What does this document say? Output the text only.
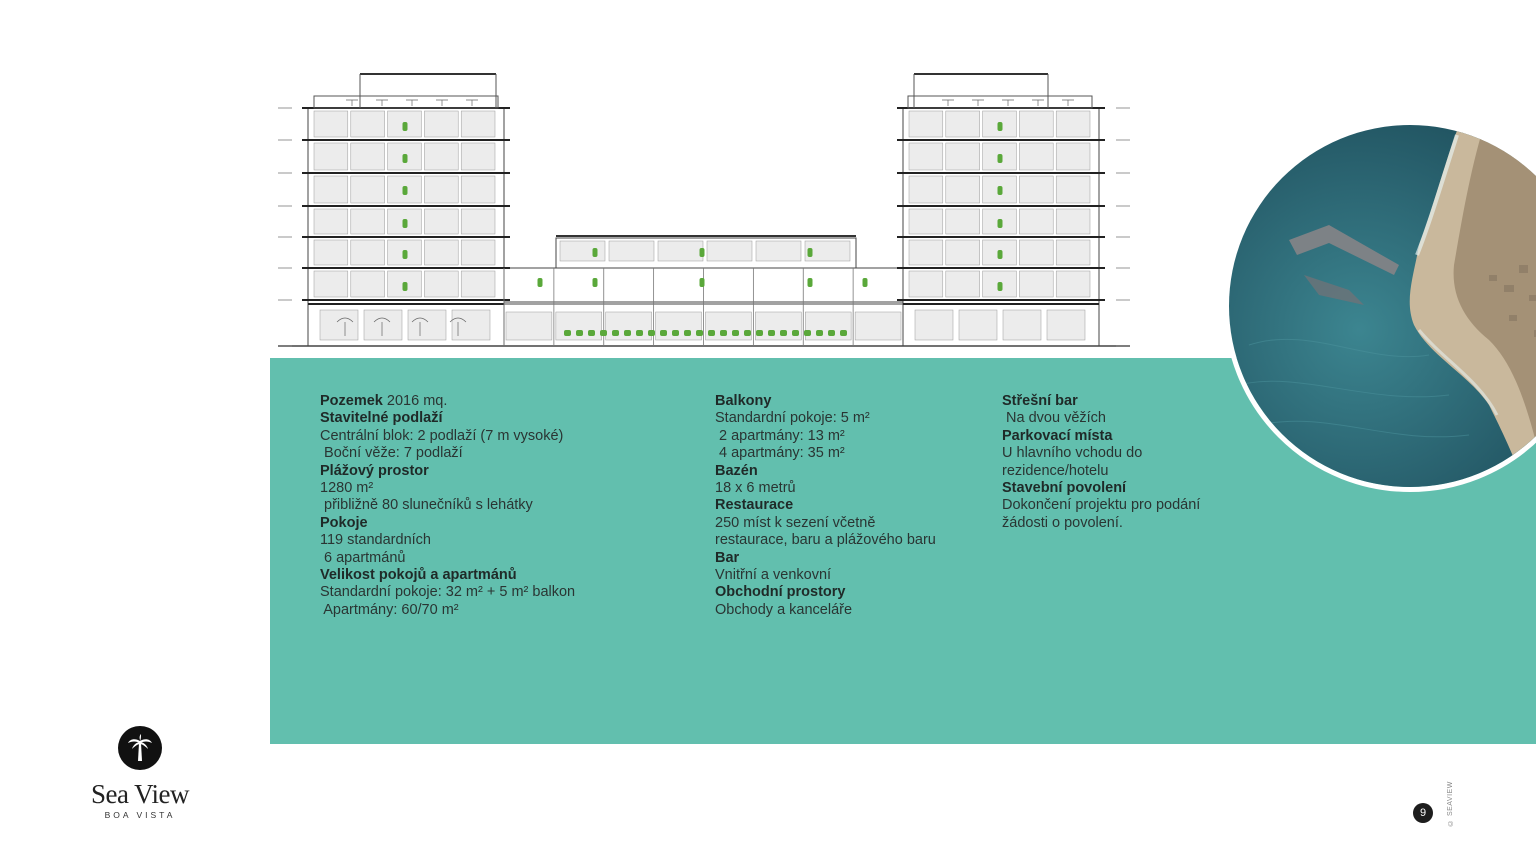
Pozemek 2016 mq.
Stavitelné podlaží
Centrální blok: 2 podlaží (7 m vysoké)
Boční věže: 7 podlaží
Plážový prostor
1280 m²
přibližně 80 slunečníků s lehátky
Pokoje
119 standardních
6 apartmánů
Velikost pokojů a apartmánů
Standardní pokoje: 32 m² + 5 m² balkon
Apartmány: 60/70 m²
Balkony
Standardní pokoje: 5 m²
2 apartmány: 13 m²
4 apartmány: 35 m²
Bazén
18 x 6 metrů
Restaurace
250 míst k sezení včetně
restaurace, baru a plážového baru
Bar
Vnitřní a venkovní
Obchodní prostory
Obchody a kanceláře
Střešní bar
Na dvou věžích
Parkovací místa
U hlavního vchodu do
rezidence/hotelu
Stavební povolení
Dokončení projektu pro podání
žádosti o povolení.
Sea View
BOA VISTA	9	© SEAVIEW
